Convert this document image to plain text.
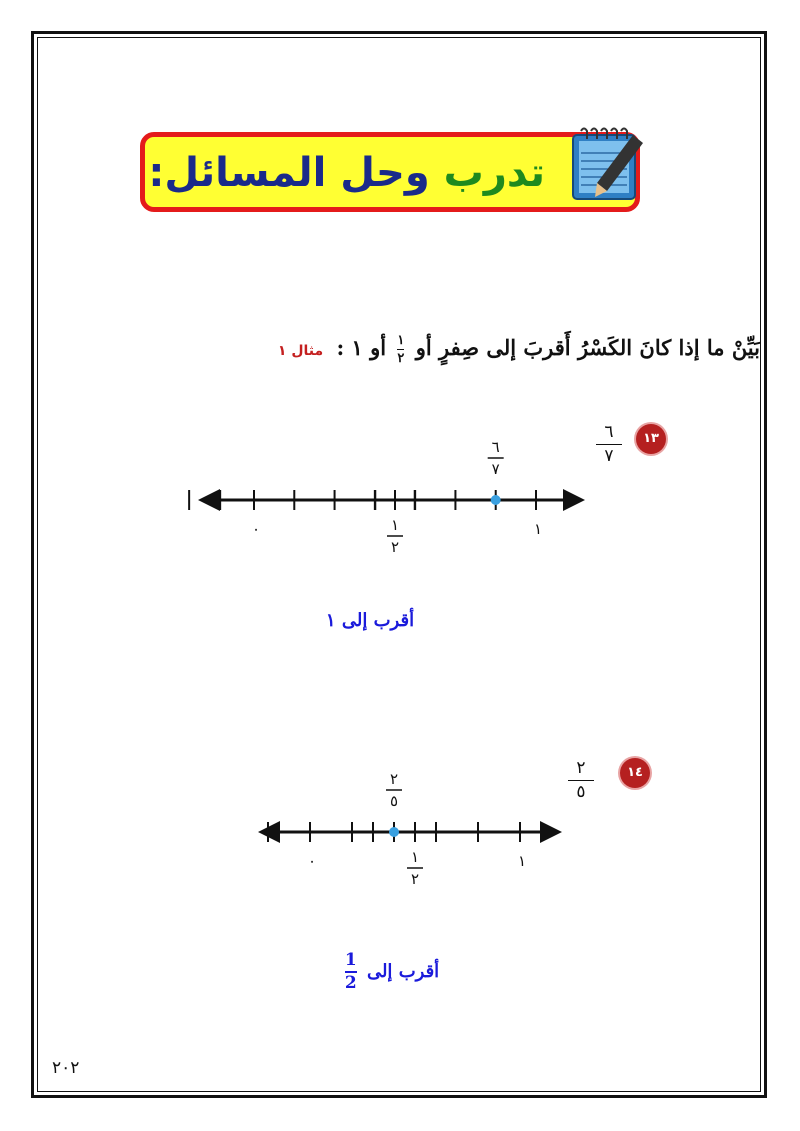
تدرب وحل المسائل:
بَيِّنْ ما إذا كانَ الكَسْرُ أَقربَ إلى صِفرٍ أو
$\frac{١}{٢}$
أو ١ : مثال ١
١٣
٦
٧
٠	١
١
٢
٦
٧
أقرب إلى ١
١٤
٢
٥
٠	١
١
٢
٢
٥
أقرب إلى
$\frac{1}{2}$
٢٠٢
